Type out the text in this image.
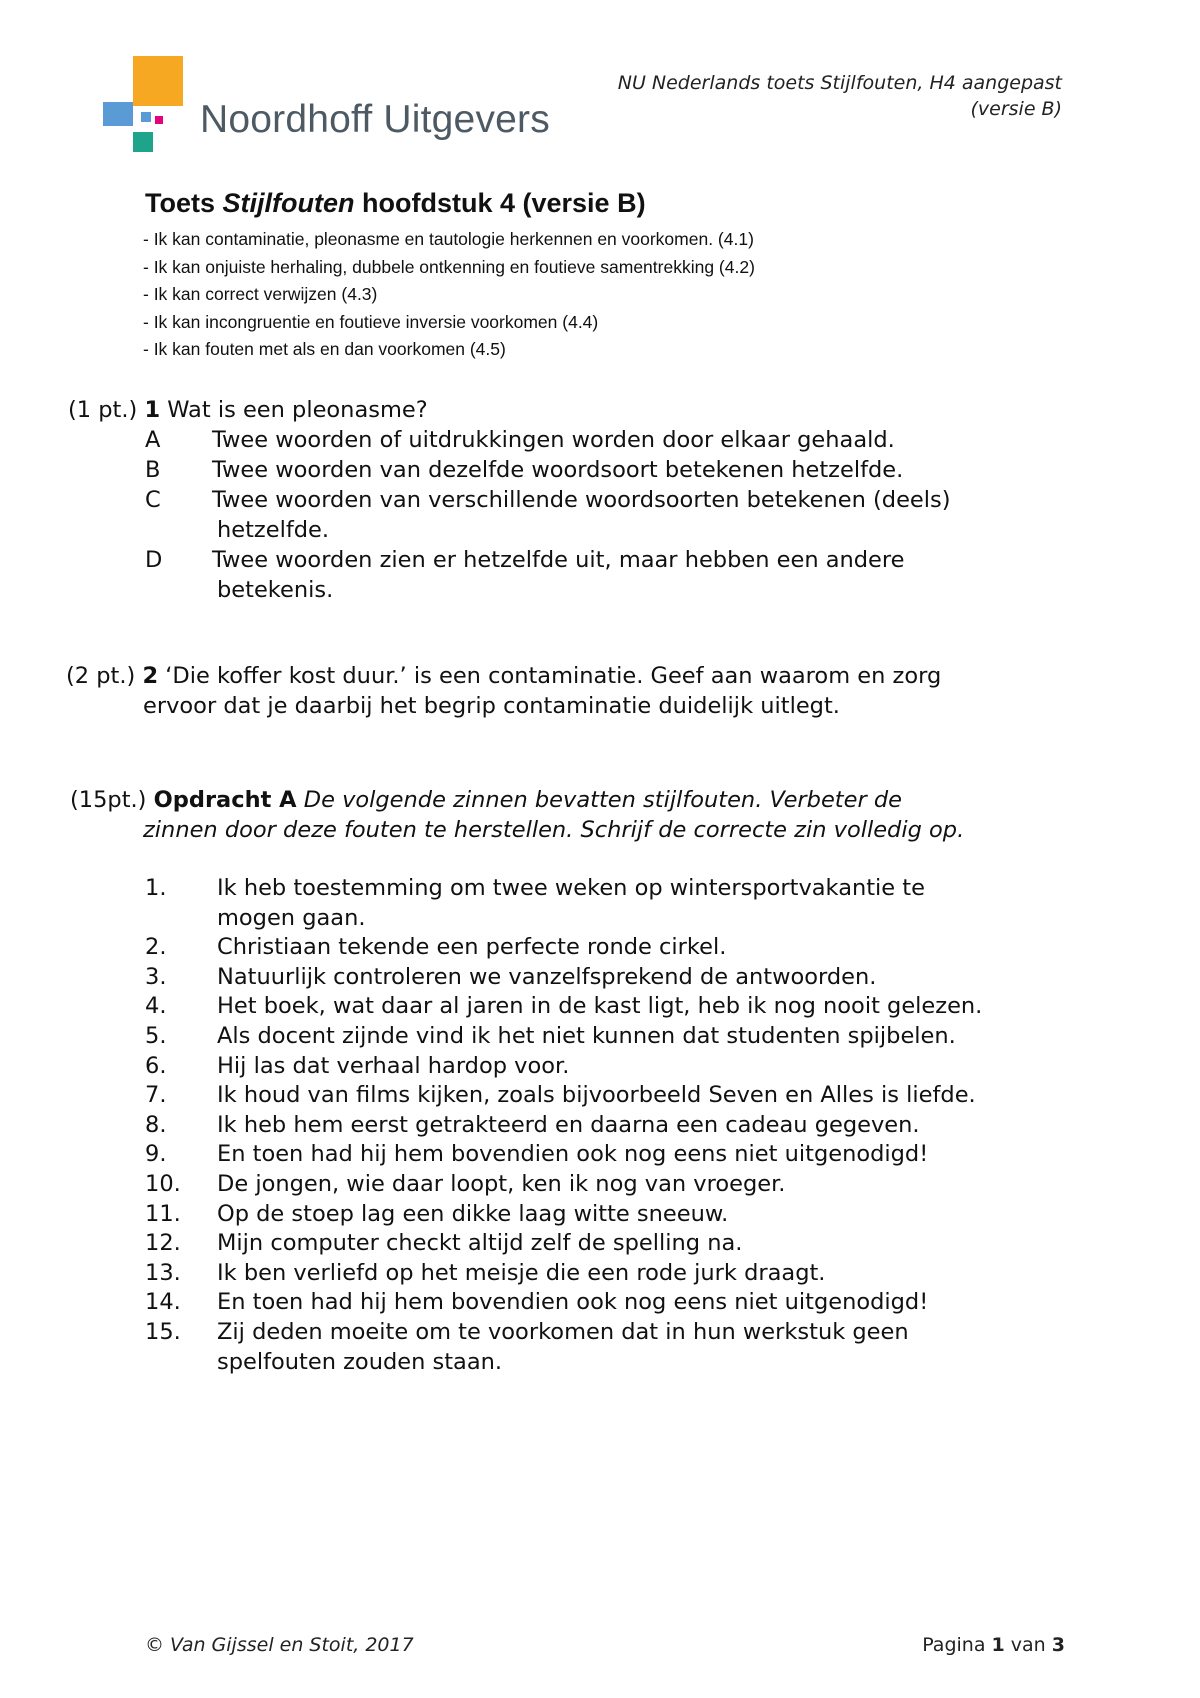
Noordhoff Uitgevers
NU Nederlands toets Stijlfouten, H4 aangepast
(versie B)
Toets Stijlfouten hoofdstuk 4 (versie B)
- Ik kan contaminatie, pleonasme en tautologie herkennen en voorkomen. (4.1)
- Ik kan onjuiste herhaling, dubbele ontkenning en foutieve samentrekking (4.2)
- Ik kan correct verwijzen (4.3)
- Ik kan incongruentie en foutieve inversie voorkomen (4.4)
- Ik kan fouten met als en dan voorkomen (4.5)
(1 pt.) 1 Wat is een pleonasme?
A Twee woorden of uitdrukkingen worden door elkaar gehaald.
B Twee woorden van dezelfde woordsoort betekenen hetzelfde.
C Twee woorden van verschillende woordsoorten betekenen (deels)
hetzelfde.
D Twee woorden zien er hetzelfde uit, maar hebben een andere
betekenis.
(2 pt.) 2 ‘Die koffer kost duur.’ is een contaminatie. Geef aan waarom en zorg
ervoor dat je daarbij het begrip contaminatie duidelijk uitlegt.
(15pt.) Opdracht A De volgende zinnen bevatten stijlfouten. Verbeter de
zinnen door deze fouten te herstellen. Schrijf de correcte zin volledig op.
1. Ik heb toestemming om twee weken op wintersportvakantie te mogen gaan.
2. Christiaan tekende een perfecte ronde cirkel.
3. Natuurlijk controleren we vanzelfsprekend de antwoorden.
4. Het boek, wat daar al jaren in de kast ligt, heb ik nog nooit gelezen.
5. Als docent zijnde vind ik het niet kunnen dat studenten spijbelen.
6. Hij las dat verhaal hardop voor.
7. Ik houd van films kijken, zoals bijvoorbeeld Seven en Alles is liefde.
8. Ik heb hem eerst getrakteerd en daarna een cadeau gegeven.
9. En toen had hij hem bovendien ook nog eens niet uitgenodigd!
10. De jongen, wie daar loopt, ken ik nog van vroeger.
11. Op de stoep lag een dikke laag witte sneeuw.
12. Mijn computer checkt altijd zelf de spelling na.
13. Ik ben verliefd op het meisje die een rode jurk draagt.
14. En toen had hij hem bovendien ook nog eens niet uitgenodigd!
15. Zij deden moeite om te voorkomen dat in hun werkstuk geen spelfouten zouden staan.
© Van Gijssel en Stoit, 2017	Pagina 1 van 3
